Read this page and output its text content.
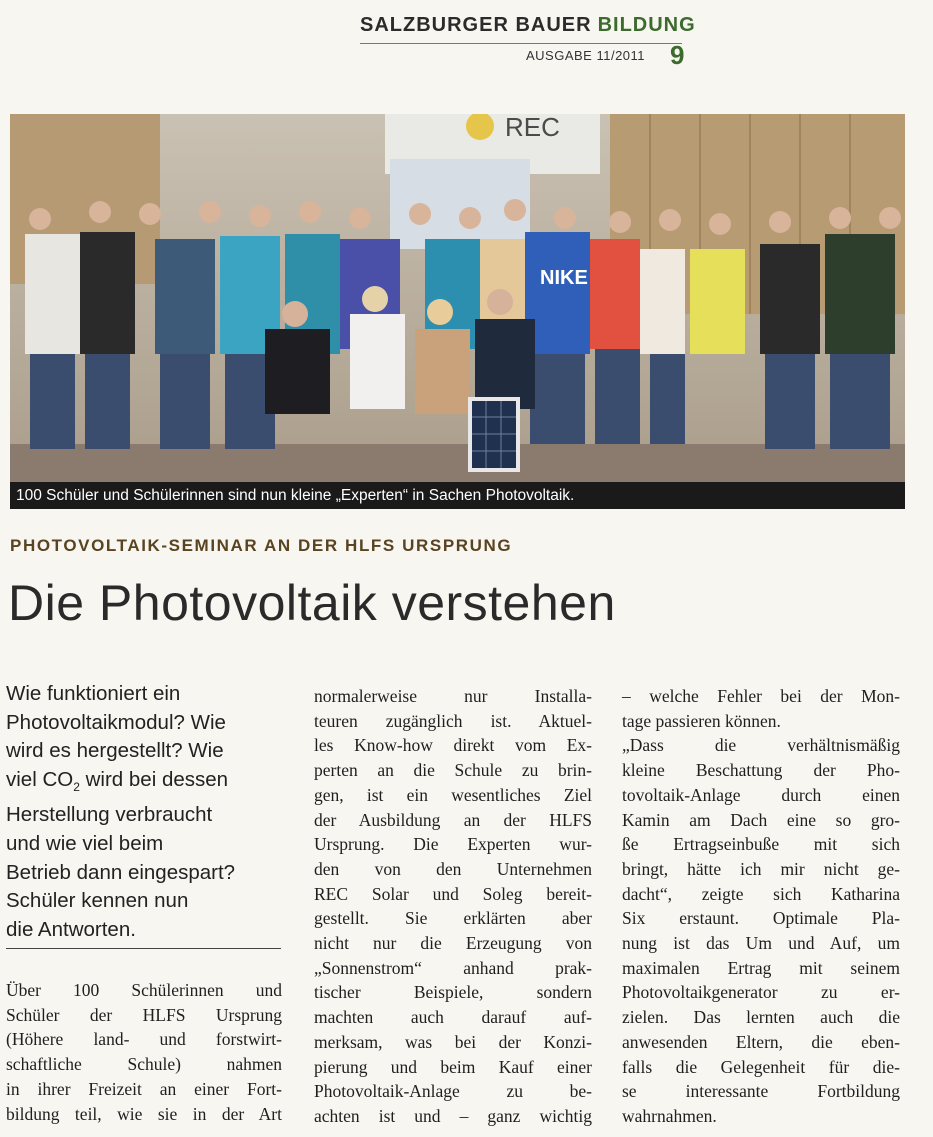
SALZBURGER BAUER BILDUNG
AUSGABE 11/2011 9
REC
NIKE
100 Schüler und Schülerinnen sind nun kleine „Experten“ in Sachen Photovoltaik.
PHOTOVOLTAIK-SEMINAR AN DER HLFS URSPRUNG
Die Photovoltaik verstehen
Wie funktioniert ein
Photovoltaikmodul? Wie
wird es hergestellt? Wie
viel $CO_2$ wird bei dessen
Herstellung verbraucht
und wie viel beim
Betrieb dann eingespart?
Schüler kennen nun
die Antworten.
Über 100 Schülerinnen und
Schüler der HLFS Ursprung
(Höhere land- und forstwirt-
schaftliche Schule) nahmen
in ihrer Freizeit an einer Fort-
bildung teil, wie sie in der Art
normalerweise nur Installa-
teuren zugänglich ist. Aktuel-
les Know-how direkt vom Ex-
perten an die Schule zu brin-
gen, ist ein wesentliches Ziel
der Ausbildung an der HLFS
Ursprung. Die Experten wur-
den von den Unternehmen
REC Solar und Soleg bereit-
gestellt. Sie erklärten aber
nicht nur die Erzeugung von
„Sonnenstrom“ anhand prak-
tischer Beispiele, sondern
machten auch darauf auf-
merksam, was bei der Konzi-
pierung und beim Kauf einer
Photovoltaik-Anlage zu be-
achten ist und – ganz wichtig
– welche Fehler bei der Mon-
tage passieren können.
„Dass die verhältnismäßig
kleine Beschattung der Pho-
tovoltaik-Anlage durch einen
Kamin am Dach eine so gro-
ße Ertragseinbuße mit sich
bringt, hätte ich mir nicht ge-
dacht“, zeigte sich Katharina
Six erstaunt. Optimale Pla-
nung ist das Um und Auf, um
maximalen Ertrag mit seinem
Photovoltaikgenerator zu er-
zielen. Das lernten auch die
anwesenden Eltern, die eben-
falls die Gelegenheit für die-
se interessante Fortbildung
wahrnahmen.
